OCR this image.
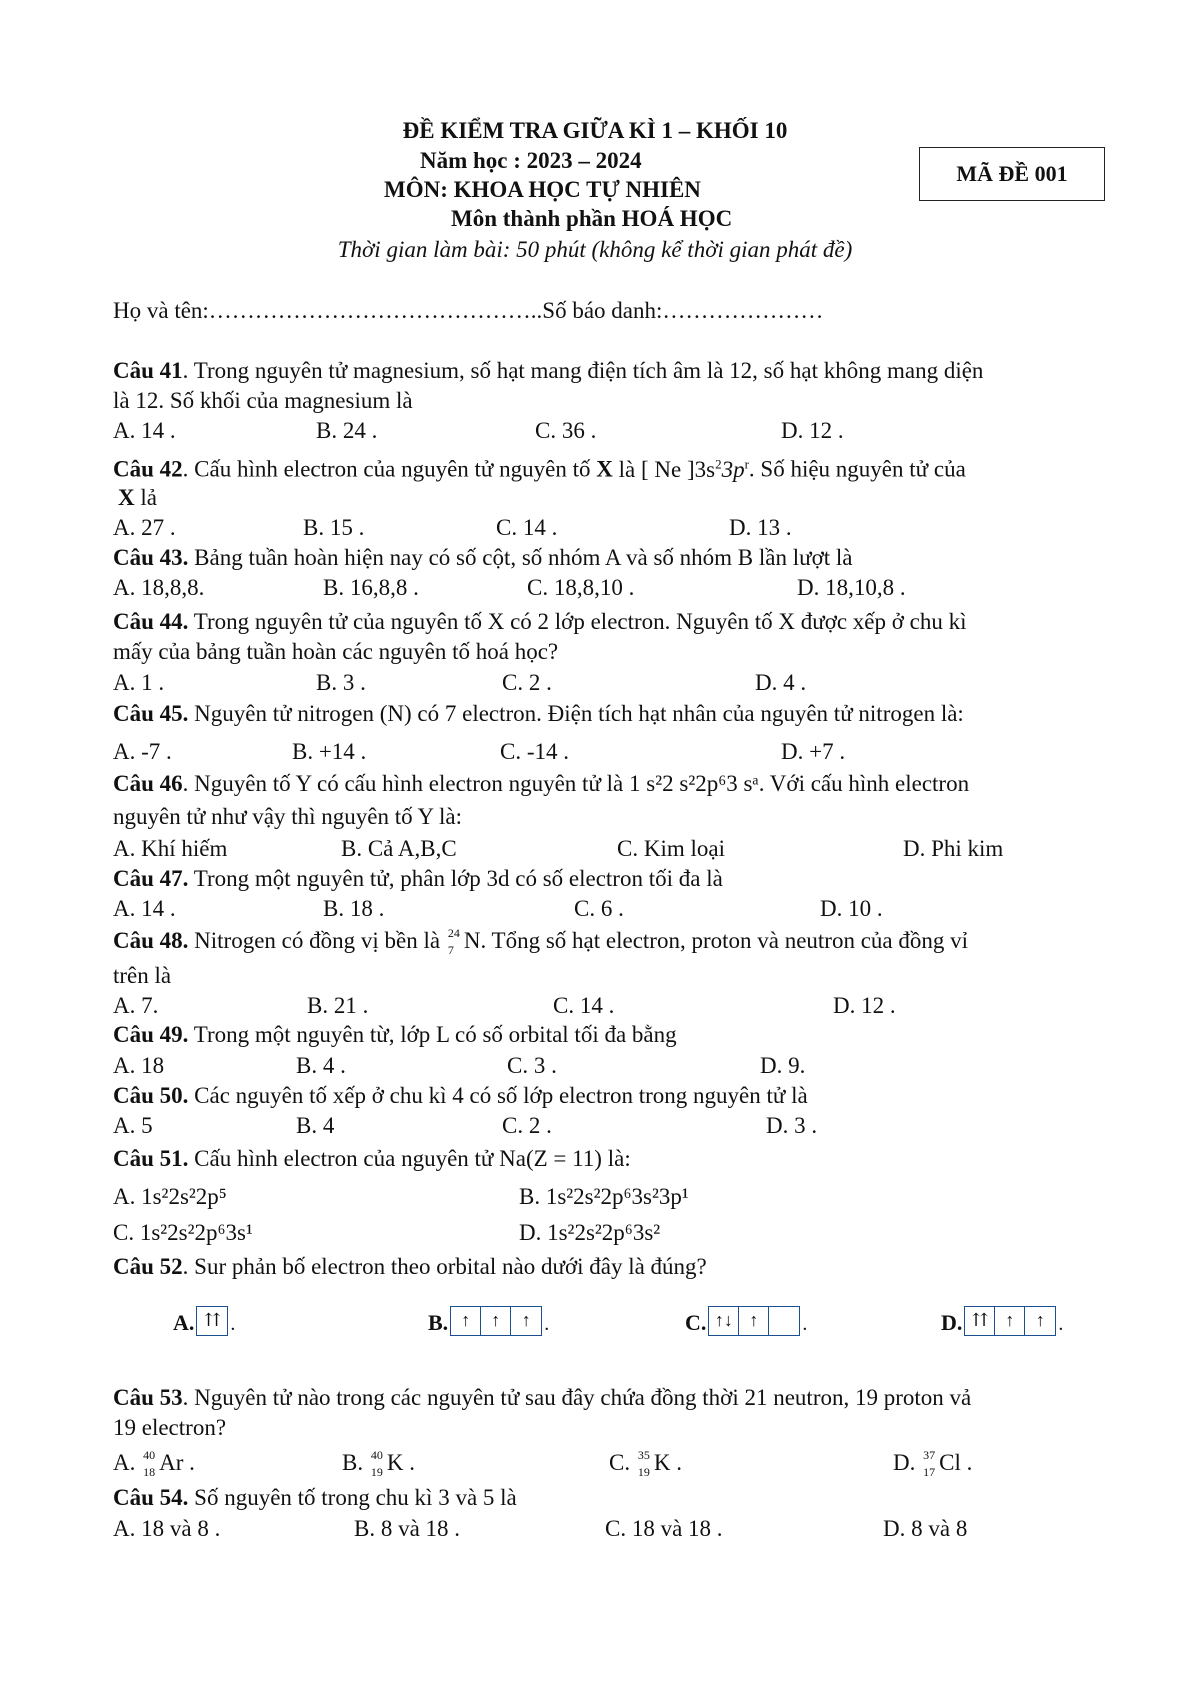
ĐỀ KIỂM TRA GIỮA KÌ 1 – KHỐI 10
Năm học : 2023 – 2024
MÔN: KHOA HỌC TỰ NHIÊN
Môn thành phần HOÁ HỌC
Thời gian làm bài: 50 phút (không kể thời gian phát đề)
MÃ ĐỀ 001
Họ và tên:……………………………………..Số báo danh:…………………
Câu 41. Trong nguyên tử magnesium, số hạt mang điện tích âm là 12, số hạt không mang diện
là 12. Số khối của magnesium là
A. 14 .	B. 24 .	C. 36 .	D. 12 .
Câu 42. Cấu hình electron của nguyên tử nguyên tố X là [ Ne ]$3s^23p^r$. Số hiệu nguyên tử của
X lả
A. 27 .	B. 15 .	C. 14 .	D. 13 .
Câu 43. Bảng tuần hoàn hiện nay có số cột, số nhóm A và số nhóm B lần lượt là
A. 18,8,8.	B. 16,8,8 .	C. 18,8,10 .	D. 18,10,8 .
Câu 44. Trong nguyên tử của nguyên tố X có 2 lớp electron. Nguyên tố X được xếp ở chu kì
mấy của bảng tuần hoàn các nguyên tố hoá học?
A. 1 .	B. 3 .	C. 2 .	D. 4 .
Câu 45. Nguyên tử nitrogen (N) có 7 electron. Điện tích hạt nhân của nguyên tử nitrogen là:
A. -7 .	B. +14 .	C. -14 .	D. +7 .
Câu 46. Nguyên tố Y có cấu hình electron nguyên tử là 1 s²2 s²2p⁶3 sᵃ. Với cấu hình electron
nguyên tử như vậy thì nguyên tố Y là:
A. Khí hiếm	B. Cả A,B,C	C. Kim loại	D. Phi kim
Câu 47. Trong một nguyên tử, phân lớp 3d có số electron tối đa là
A. 14 .	B. 18 .	C. 6 .	D. 10 .
Câu 48. Nitrogen có đồng vị bền là 24
7 N. Tổng số hạt electron, proton và neutron của đồng vỉ
trên là
A. 7.	B. 21 .	C. 14 .	D. 12 .
Câu 49. Trong một nguyên từ, lớp L có số orbital tối đa bằng
A. 18	B. 4 .	C. 3 .	D. 9.
Câu 50. Các nguyên tố xếp ở chu kì 4 có số lớp electron trong nguyên tử là
A. 5	B. 4	C. 2 .	D. 3 .
Câu 51. Cấu hình electron của nguyên tử Na(Z = 11) là:
A. 1s²2s²2p⁵	B. 1s²2s²2p⁶3s²3p¹
C. 1s²2s²2p⁶3s¹	D. 1s²2s²2p⁶3s²
Câu 52. Sur phản bố electron theo orbital nào dưới đây là đúng?
A. ⇈ .	B. ↑	↑	↑ .	C. ↑↓ ↑	.	D. ⇈ ↑	↑ .
Câu 53. Nguyên tử nào trong các nguyên tử sau đây chứa đồng thời 21 neutron, 19 proton vả
19 electron?
A. 40
18 Ar .	B. 40
19 K .	C. 35
19 K .	D. 37
17 Cl .
Câu 54. Số nguyên tố trong chu kì 3 và 5 là
A. 18 và 8 .	B. 8 và 18 .	C. 18 và 18 .	D. 8 và 8
